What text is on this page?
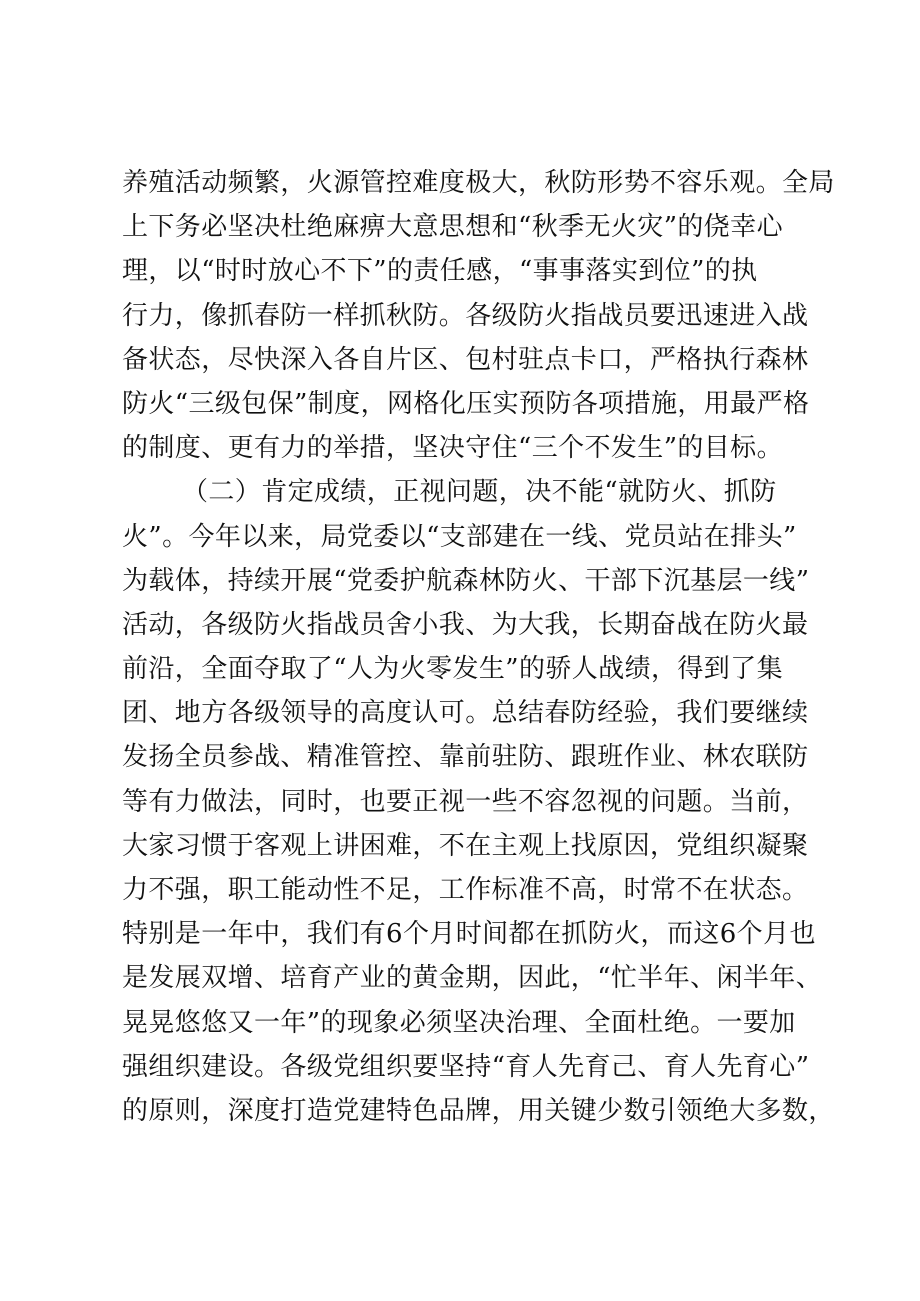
养殖活动频繁，火源管控难度极大，秋防形势不容乐观。全局
上下务必坚决杜绝麻痹大意思想和“秋季无火灾”的侥幸心
理，以“时时放心不下”的责任感，“事事落实到位”的执
行力，像抓春防一样抓秋防。各级防火指战员要迅速进入战
备状态，尽快深入各自片区、包村驻点卡口，严格执行森林
防火“三级包保”制度，网格化压实预防各项措施，用最严格
的制度、更有力的举措，坚决守住“三个不发生”的目标。
（二）肯定成绩，正视问题，决不能“就防火、抓防
火”。今年以来，局党委以“支部建在一线、党员站在排头”
为载体，持续开展“党委护航森林防火、干部下沉基层一线”
活动，各级防火指战员舍小我、为大我，长期奋战在防火最
前沿，全面夺取了“人为火零发生”的骄人战绩，得到了集
团、地方各级领导的高度认可。总结春防经验，我们要继续
发扬全员参战、精准管控、靠前驻防、跟班作业、林农联防
等有力做法，同时，也要正视一些不容忽视的问题。当前，
大家习惯于客观上讲困难，不在主观上找原因，党组织凝聚
力不强，职工能动性不足，工作标准不高，时常不在状态。
特别是一年中，我们有6个月时间都在抓防火，而这6个月也
是发展双增、培育产业的黄金期，因此，“忙半年、闲半年、
晃晃悠悠又一年”的现象必须坚决治理、全面杜绝。一要加
强组织建设。各级党组织要坚持“育人先育己、育人先育心”
的原则，深度打造党建特色品牌，用关键少数引领绝大多数，
